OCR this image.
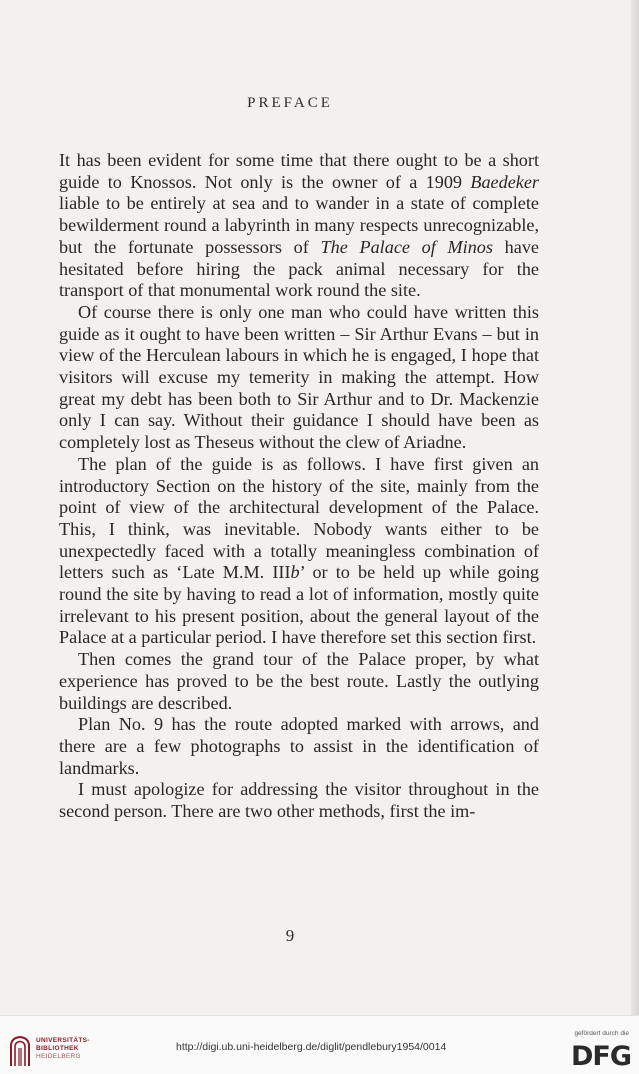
PREFACE

It has been evident for some time that there ought to be a short guide to Knossos. Not only is the owner of a 1909 Baedeker liable to be entirely at sea and to wander in a state of complete bewilderment round a labyrinth in many respects unrecognizable, but the fortunate possessors of The Palace of Minos have hesitated before hiring the pack animal necessary for the transport of that monumental work round the site.

Of course there is only one man who could have written this guide as it ought to have been written – Sir Arthur Evans – but in view of the Herculean labours in which he is engaged, I hope that visitors will excuse my temerity in making the attempt. How great my debt has been both to Sir Arthur and to Dr. Mackenzie only I can say. Without their guidance I should have been as completely lost as Theseus without the clew of Ariadne.

The plan of the guide is as follows. I have first given an introductory Section on the history of the site, mainly from the point of view of the architectural development of the Palace. This, I think, was inevitable. Nobody wants either to be unexpectedly faced with a totally meaningless combination of letters such as ‘Late M.M. IIIb’ or to be held up while going round the site by having to read a lot of information, mostly quite irrelevant to his present position, about the general layout of the Palace at a particular period. I have therefore set this section first.

Then comes the grand tour of the Palace proper, by what experience has proved to be the best route. Lastly the outlying buildings are described.

Plan No. 9 has the route adopted marked with arrows, and there are a few photographs to assist in the identification of landmarks.

I must apologize for addressing the visitor throughout in the second person. There are two other methods, first the im-

9
UNIVERSITÄTS-
BIBLIOTHEK
HEIDELBERG
http://digi.ub.uni-heidelberg.de/diglit/pendlebury1954/0014
gefördert durch die
DFG
